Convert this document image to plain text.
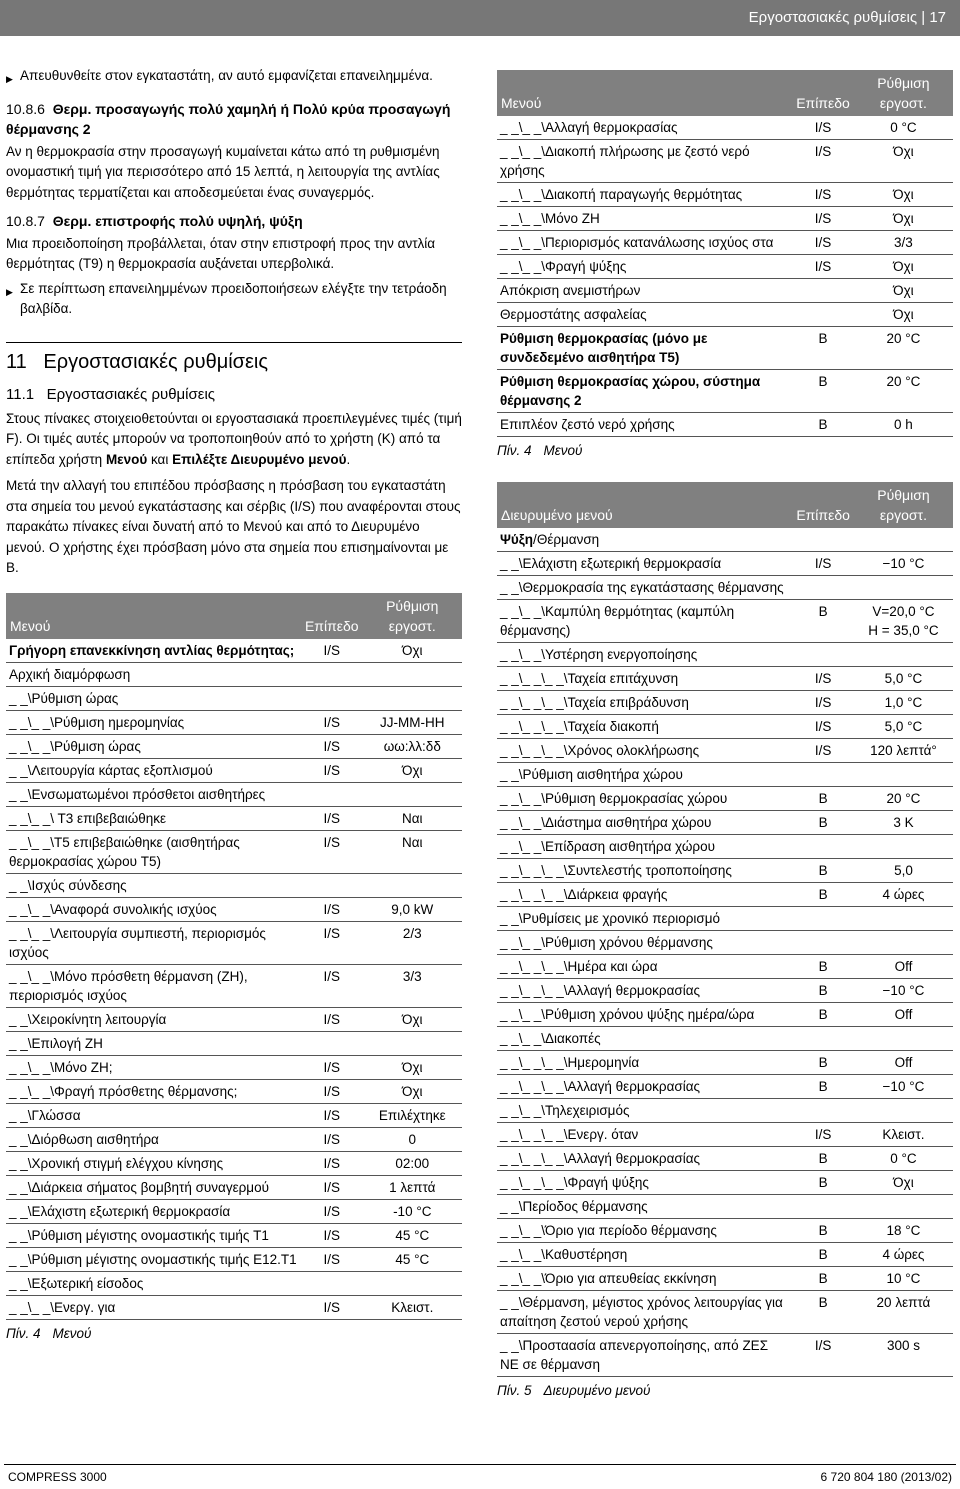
Εργοστασιακές ρυθμίσεις | 17

▶ Απευθυνθείτε στον εγκαταστάτη, αν αυτό εμφανίζεται επανειλημμένα.

10.8.6 Θερμ. προσαγωγής πολύ χαμηλή ή Πολύ κρύα προσαγωγή θέρμανσης 2

Αν η θερμοκρασία στην προσαγωγή κυμαίνεται κάτω από τη ρυθμισμένη ονομαστική τιμή για περισσότερο από 15 λεπτά, η λειτουργία της αντλίας θερμότητας τερματίζεται και αποδεσμεύεται ένας συναγερμός.

10.8.7 Θερμ. επιστροφής πολύ υψηλή, ψύξη

Μια προειδοποίηση προβάλλεται, όταν στην επιστροφή προς την αντλία θερμότητας (T9) η θερμοκρασία αυξάνεται υπερβολικά.

▶ Σε περίπτωση επανειλημμένων προειδοποιήσεων ελέγξτε την τετράοδη βαλβίδα.

11   Εργοστασιακές ρυθμίσεις
11.1   Εργοστασιακές ρυθμίσεις

Στους πίνακες στοιχειοθετούνται οι εργοστασιακά προεπιλεγμένες τιμές (τιμή F). Οι τιμές αυτές μπορούν να τροποποιηθούν από το χρήστη (K) από τα επίπεδα χρήστη Μενού και Επιλέξτε Διευρυμένο μενού.

Μετά την αλλαγή του επιπέδου πρόσβασης η πρόσβαση του εγκαταστάτη στα σημεία του μενού εγκατάστασης και σέρβις (I/S) που αναφέρονται στους παρακάτω πίνακες είναι δυνατή από το Μενού και από το Διευρυμένο μενού. Ο χρήστης έχει πρόσβαση μόνο στα σημεία που επισημαίνονται με B.

Μενού	Επίπεδο	Ρύθμιση εργοστ.
Γρήγορη επανεκκίνηση αντλίας θερμότητας;	I/S	Όχι
Αρχική διαμόρφωση		
_ _\Ρύθμιση ώρας		
_ _\_ _\Ρύθμιση ημερομηνίας	I/S	JJ-MM-HH
_ _\_ _\Ρύθμιση ώρας	I/S	ωω:λλ:δδ
_ _\Λειτουργία κάρτας εξοπλισμού	I/S	Όχι
_ _\Ενσωματωμένοι πρόσθετοι αισθητήρες		
_ _\_ _\ T3 επιβεβαιώθηκε	I/S	Ναι
_ _\_ _\T5 επιβεβαιώθηκε (αισθητήρας θερμοκρασίας χώρου T5)	I/S	Ναι
_ _\Ισχύς σύνδεσης		
_ _\_ _\Αναφορά συνολικής ισχύος	I/S	9,0 kW
_ _\_ _\Λειτουργία συμπιεστή, περιορισμός ισχύος	I/S	2/3
_ _\_ _\Μόνο πρόσθετη θέρμανση (ZH), περιορισμός ισχύος	I/S	3/3
_ _\Χειροκίνητη λειτουργία	I/S	Όχι
_ _\Επιλογή ZH		
_ _\_ _\Μόνο ZH;	I/S	Όχι
_ _\_ _\Φραγή πρόσθετης θέρμανσης;	I/S	Όχι
_ _\Γλώσσα	I/S	Επιλέχτηκε
_ _\Διόρθωση αισθητήρα	I/S	0
_ _\Χρονική στιγμή ελέγχου κίνησης	I/S	02:00
_ _\Διάρκεια σήματος βομβητή συναγερμού	I/S	1 λεπτά
_ _\Ελάχιστη εξωτερική θερμοκρασία	I/S	-10 °C
_ _\Ρύθμιση μέγιστης ονομαστικής τιμής T1	I/S	45 °C
_ _\Ρύθμιση μέγιστης ονομαστικής τιμής E12.T1	I/S	45 °C
_ _\Εξωτερική είσοδος		
_ _\_ _\Ενεργ. για	I/S	Κλειστ.

Πίν. 4 Μενού

Μενού	Επίπεδο	Ρύθμιση εργοστ.
_ _\_ _\Αλλαγή θερμοκρασίας	I/S	0 °C
_ _\_ _\Διακοπή πλήρωσης με ζεστό νερό χρήσης	I/S	Όχι
_ _\_ _\Διακοπή παραγωγής θερμότητας	I/S	Όχι
_ _\_ _\Μόνο ZH	I/S	Όχι
_ _\_ _\Περιορισμός κατανάλωσης ισχύος στα	I/S	3/3
_ _\_ _\Φραγή ψύξης	I/S	Όχι
Απόκριση ανεμιστήρων		Όχι
Θερμοστάτης ασφαλείας		Όχι
Ρύθμιση θερμοκρασίας (μόνο με συνδεδεμένο αισθητήρα T5)	B	20 °C
Ρύθμιση θερμοκρασίας χώρου, σύστημα θέρμανσης 2	B	20 °C
Επιπλέον ζεστό νερό χρήσης	B	0 h

Πίν. 4 Μενού

Διευρυμένο μενού	Επίπεδο	Ρύθμιση εργοστ.
Ψύξη/Θέρμανση		
_ _\Ελάχιστη εξωτερική θερμοκρασία	I/S	−10 °C
_ _\Θερμοκρασία της εγκατάστασης θέρμανσης		
_ _\_ _\Καμπύλη θερμότητας (καμπύλη θέρμανσης)	B	V=20,0 °C
H = 35,0 °C
_ _\_ _\Υστέρηση ενεργοποίησης		
_ _\_ _\_ _\Ταχεία επιτάχυνση	I/S	5,0 °C
_ _\_ _\_ _\Ταχεία επιβράδυνση	I/S	1,0 °C
_ _\_ _\_ _\Ταχεία διακοπή	I/S	5,0 °C
_ _\_ _\_ _\Χρόνος ολοκλήρωσης	I/S	120 λεπτά°
_ _\Ρύθμιση αισθητήρα χώρου		
_ _\_ _\Ρύθμιση θερμοκρασίας χώρου	B	20 °C
_ _\_ _\Διάστημα αισθητήρα χώρου	B	3 K
_ _\_ _\Επίδραση αισθητήρα χώρου		
_ _\_ _\_ _\Συντελεστής τροποποίησης	B	5,0
_ _\_ _\_ _\Διάρκεια φραγής	B	4 ώρες
_ _\Ρυθμίσεις με χρονικό περιορισμό		
_ _\_ _\Ρύθμιση χρόνου θέρμανσης		
_ _\_ _\_ _\Ημέρα και ώρα	B	Off
_ _\_ _\_ _\Αλλαγή θερμοκρασίας	B	−10 °C
_ _\_ _\Ρύθμιση χρόνου ψύξης ημέρα/ώρα	B	Off
_ _\_ _\Διακοπές		
_ _\_ _\_ _\Ημερομηνία	B	Off
_ _\_ _\_ _\Αλλαγή θερμοκρασίας	B	−10 °C
_ _\_ _\Τηλεχειρισμός		
_ _\_ _\_ _\Ενεργ. όταν	I/S	Κλειστ.
_ _\_ _\_ _\Αλλαγή θερμοκρασίας	B	0 °C
_ _\_ _\_ _\Φραγή ψύξης	B	Όχι
_ _\Περίοδος θέρμανσης		
_ _\_ _\Όριο για περίοδο θέρμανσης	B	18 °C
_ _\_ _\Καθυστέρηση	B	4 ώρες
_ _\_ _\Όριο για απευθείας εκκίνηση	B	10 °C
_ _\Θέρμανση, μέγιστος χρόνος λειτουργίας για απαίτηση ζεστού νερού χρήσης	B	20 λεπτά
_ _\Προσταασία απενεργοποίησης, από ΖΕΣ ΝΕ σε θέρμανση	I/S	300 s

Πίν. 5 Διευρυμένο μενού

COMPRESS 3000	6 720 804 180 (2013/02)
